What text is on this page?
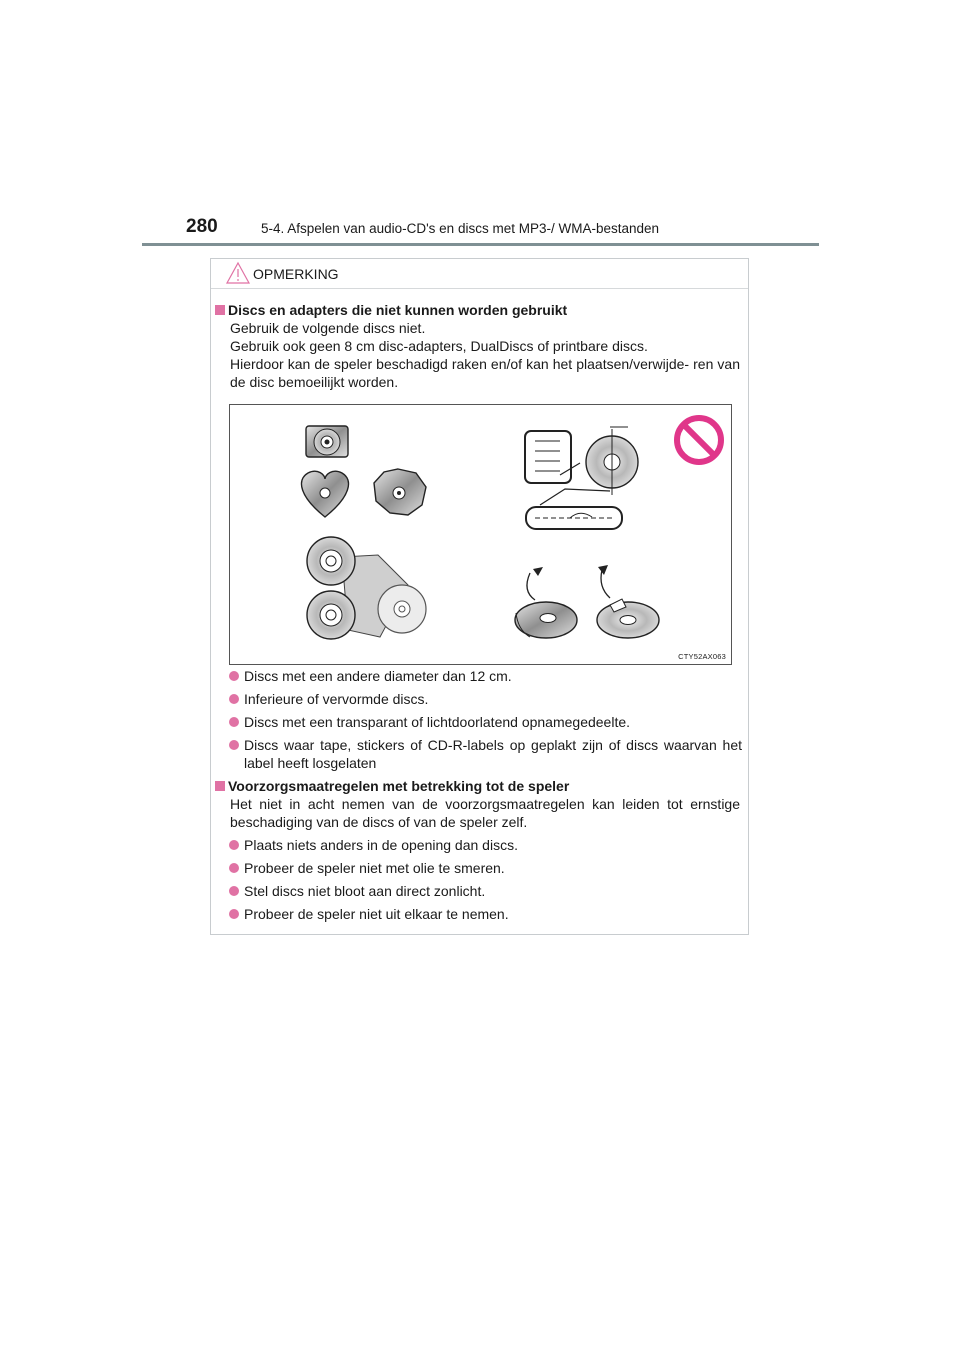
280	5-4. Afspelen van audio-CD's en discs met MP3-/ WMA-bestanden
OPMERKING
Discs en adapters die niet kunnen worden gebruikt
Gebruik de volgende discs niet.
Gebruik ook geen 8 cm disc-adapters, DualDiscs of printbare discs.
Hierdoor kan de speler beschadigd raken en/of kan het plaatsen/verwijde- ren van de disc bemoeilijkt worden.
CTY52AX063
Discs met een andere diameter dan 12 cm.
Inferieure of vervormde discs.
Discs met een transparant of lichtdoorlatend opnamegedeelte.
Discs waar tape, stickers of CD-R-labels op geplakt zijn of discs waarvan het label heeft losgelaten
Voorzorgsmaatregelen met betrekking tot de speler
Het niet in acht nemen van de voorzorgsmaatregelen kan leiden tot ernstige beschadiging van de discs of van de speler zelf.
Plaats niets anders in de opening dan discs.
Probeer de speler niet met olie te smeren.
Stel discs niet bloot aan direct zonlicht.
Probeer de speler niet uit elkaar te nemen.
